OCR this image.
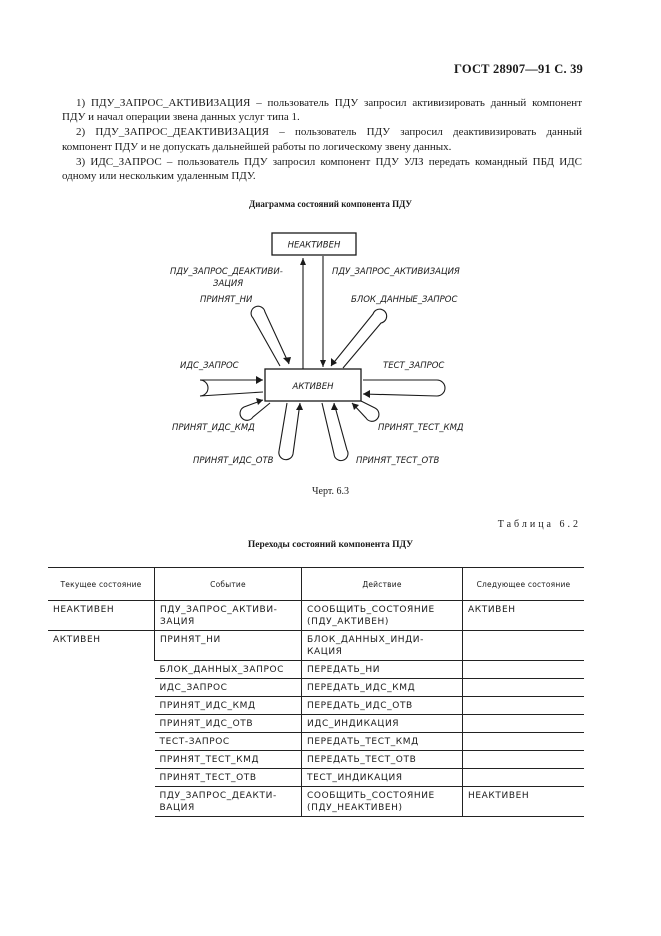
ГОСТ 28907—91 С. 39

1) ПДУ_ЗАПРОС_АКТИВИЗАЦИЯ – пользователь ПДУ запросил активизировать данный компонент ПДУ и начал операции звена данных услуг типа 1.

2) ПДУ_ЗАПРОС_ДЕАКТИВИЗАЦИЯ – пользователь ПДУ запросил деактивизировать данный компонент ПДУ и не допускать дальнейшей работы по логическому звену данных.

3) ИДС_ЗАПРОС – пользователь ПДУ запросил компонент ПДУ УЛЗ передать командный ПБД ИДС одному или нескольким удаленным ПДУ.

Диаграмма состояний компонента ПДУ
НЕАКТИВЕН
АКТИВЕН
ПДУ_ЗАПРОС_ДЕАКТИВИ-
ЗАЦИЯ
ПДУ_ЗАПРОС_АКТИВИЗАЦИЯ
ПРИНЯТ_НИ	БЛОК_ДАННЫЕ_ЗАПРОС
ИДС_ЗАПРОС	ТЕСТ_ЗАПРОС
ПРИНЯТ_ИДС_КМД	ПРИНЯТ_ТЕСТ_КМД
ПРИНЯТ_ИДС_ОТВ	ПРИНЯТ_ТЕСТ_ОТВ
Черт. 6.3
Таблица 6.2
Переходы состояний компонента ПДУ
Текущее состояние	Событие	Действие	Следующее состояние
НЕАКТИВЕН	ПДУ_ЗАПРОС_АКТИВИ-ЗАЦИЯ	СООБЩИТЬ_СОСТОЯНИЕ (ПДУ_АКТИВЕН)	АКТИВЕН
АКТИВЕН	ПРИНЯТ_НИ	БЛОК_ДАННЫХ_ИНДИ-КАЦИЯ	
	БЛОК_ДАННЫХ_ЗАПРОС	ПЕРЕДАТЬ_НИ	
	ИДС_ЗАПРОС	ПЕРЕДАТЬ_ИДС_КМД	
	ПРИНЯТ_ИДС_КМД	ПЕРЕДАТЬ_ИДС_ОТВ	
	ПРИНЯТ_ИДС_ОТВ	ИДС_ИНДИКАЦИЯ	
	ТЕСТ-ЗАПРОС	ПЕРЕДАТЬ_ТЕСТ_КМД	
	ПРИНЯТ_ТЕСТ_КМД	ПЕРЕДАТЬ_ТЕСТ_ОТВ	
	ПРИНЯТ_ТЕСТ_ОТВ	ТЕСТ_ИНДИКАЦИЯ	
	ПДУ_ЗАПРОС_ДЕАКТИ-ВАЦИЯ	СООБЩИТЬ_СОСТОЯНИЕ (ПДУ_НЕАКТИВЕН)	НЕАКТИВЕН
